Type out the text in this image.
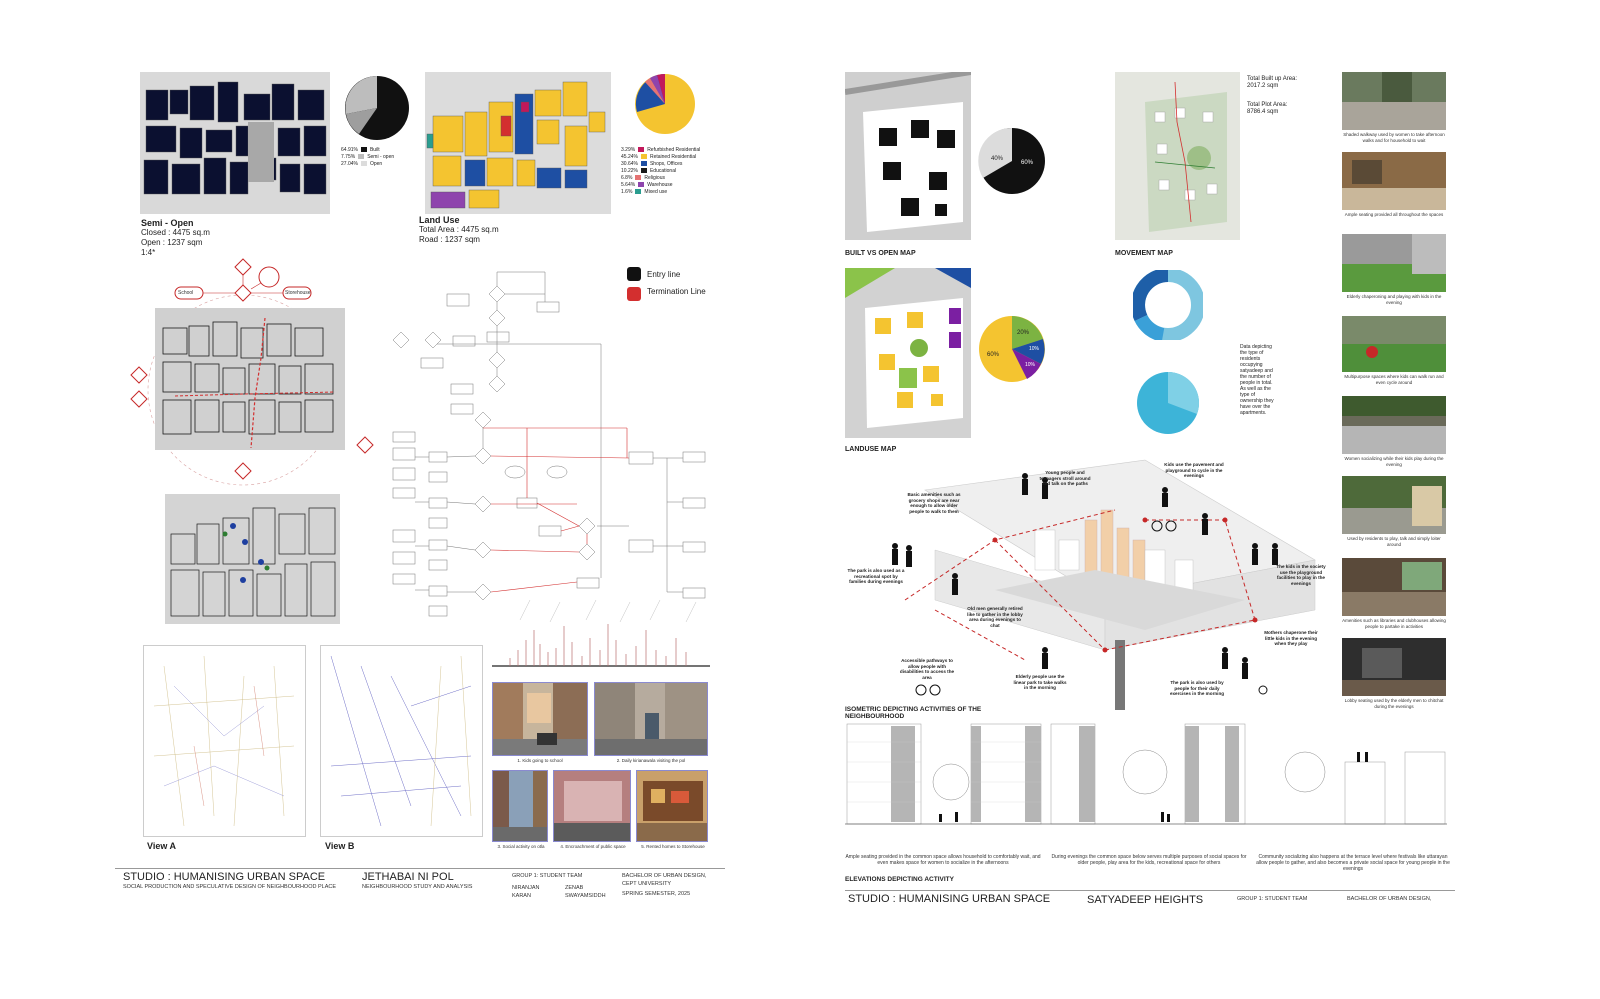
64.91% Built
7.75% Semi - open
27.04% Open
Semi - Open
Closed : 4475 sq.m
Open : 1237 sqm
1:4*
3.29% Refurbished Residential
45.24% Retained Residential
30.64% Shops, Offices
10.22% Educational
6.8% Religious
5.64% Warehouse
1.6% Mixed use
Land Use
Total Area : 4475 sq.m
Road : 1237 sqm
School	Storehouse
Entry line
Termination Line
View A	View B
1. Kids going to school	2. Daily kirianawala visiting the pol
3. Social activity on otla	4. Encroachment of public space	5. Rented homes to Storehouse
STUDIO : HUMANISING URBAN SPACE
SOCIAL PRODUCTION AND SPECULATIVE DESIGN OF NEIGHBOURHOOD PLACE
JETHABAI NI POL
NEIGHBOURHOOD STUDY AND ANALYSIS
GROUP 1: STUDENT TEAM
NIRANJAN	ZENAB
KARAN	SWAYAMSIDDH
BACHELOR OF URBAN DESIGN,
CEPT UNIVERSITY
SPRING SEMESTER, 2025
40%
60%
BUILT VS OPEN MAP
Total Built up Area: 2017.2 sqm
Total Plot Area: 8786.4 sqm
MOVEMENT MAP
20%
60%
10%
10%
LANDUSE MAP
Data depicting the type of residents occupying satyadeep and the number of people in total. As well as the type of ownership they have over the apartments.
Young people and teenagers stroll around and talk on the paths
Kids use the pavement and playground to cycle in the evenings
Basic amenities such as grocery shops are near enough to allow older people to walk to them
The park is also used as a recreational spot by families during evenings
Old men generally retired like to gather in the lobby area during evenings to chat
The kids in the society use the playground facilities to play in the evenings
Accessible pathways to allow people with disabilities to access the area	Elderly people use the linear park to take walks in the morning
Mothers chaperone their little kids in the evening when they play
The park is also used by people for their daily exercises in the morning
ISOMETRIC DEPICTING ACTIVITIES OF THE NEIGHBOURHOOD
Ample seating provided in the common space allows household to comfortably wait, and even makes space for women to socialize in the afternoons
During evenings the common space below serves multiple purposes of social spaces for older people, play area for the kids, recreational space for others
Community socializing also happens at the terrace level where festivals like uttarayan allow people to gather, and also becomes a private social space for young people in the evenings
ELEVATIONS DEPICTING ACTIVITY
STUDIO : HUMANISING URBAN SPACE	SATYADEEP HEIGHTS	GROUP 1: STUDENT TEAM	BACHELOR OF URBAN DESIGN,
Shaded walkway used by women to take afternoon walks and for household to wait
Ample seating provided all throughout the spaces
Elderly chaperoning and playing with kids in the evening
Multipurpose spaces where kids can walk run and even cycle around
Women socializing while their kids play during the evening
Used by residents to play, talk and simply loiter around
Amenities such as libraries and clubhouses allowing people to partake in activities
Lobby seating used by the elderly men to chitchat during the evenings
